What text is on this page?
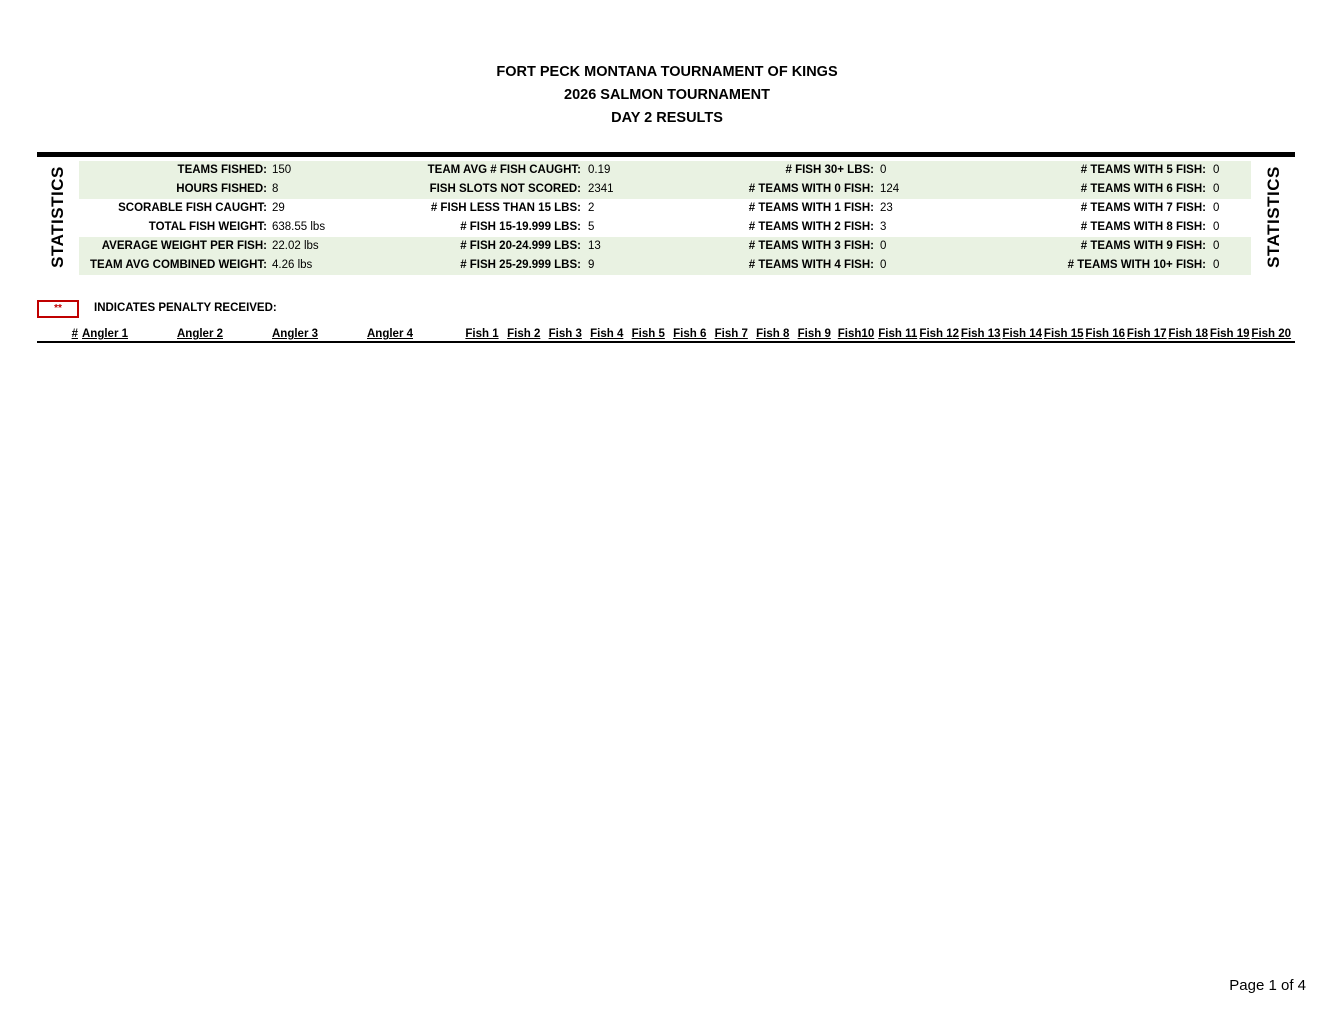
FORT PECK MONTANA TOURNAMENT OF KINGS
2026 SALMON TOURNAMENT
DAY 2 RESULTS
STATISTICS	STATISTICS
TEAMS FISHED: 150	TEAM AVG # FISH CAUGHT: 0.19	# FISH 30+ LBS: 0	# TEAMS WITH 5 FISH: 0
HOURS FISHED: 8	FISH SLOTS NOT SCORED: 2341	# TEAMS WITH 0 FISH: 124	# TEAMS WITH 6 FISH: 0
SCORABLE FISH CAUGHT: 29	# FISH LESS THAN 15 LBS: 2	# TEAMS WITH 1 FISH: 23	# TEAMS WITH 7 FISH: 0
TOTAL FISH WEIGHT: 638.55 lbs	# FISH 15-19.999 LBS: 5	# TEAMS WITH 2 FISH: 3	# TEAMS WITH 8 FISH: 0
AVERAGE WEIGHT PER FISH: 22.02 lbs	# FISH 20-24.999 LBS: 13	# TEAMS WITH 3 FISH: 0	# TEAMS WITH 9 FISH: 0
TEAM AVG COMBINED WEIGHT: 4.26 lbs	# FISH 25-29.999 LBS: 9	# TEAMS WITH 4 FISH: 0	# TEAMS WITH 10+ FISH: 0
**	INDICATES PENALTY RECEIVED:
# Angler 1	Angler 2	Angler 3	Angler 4	Fish 1 Fish 2 Fish 3 Fish 4 Fish 5 Fish 6 Fish 7 Fish 8 Fish 9 Fish10 Fish 11 Fish 12 Fish 13 Fish 14 Fish 15 Fish 16 Fish 17 Fish 18 Fish 19 Fish 20
Page 1 of 4
